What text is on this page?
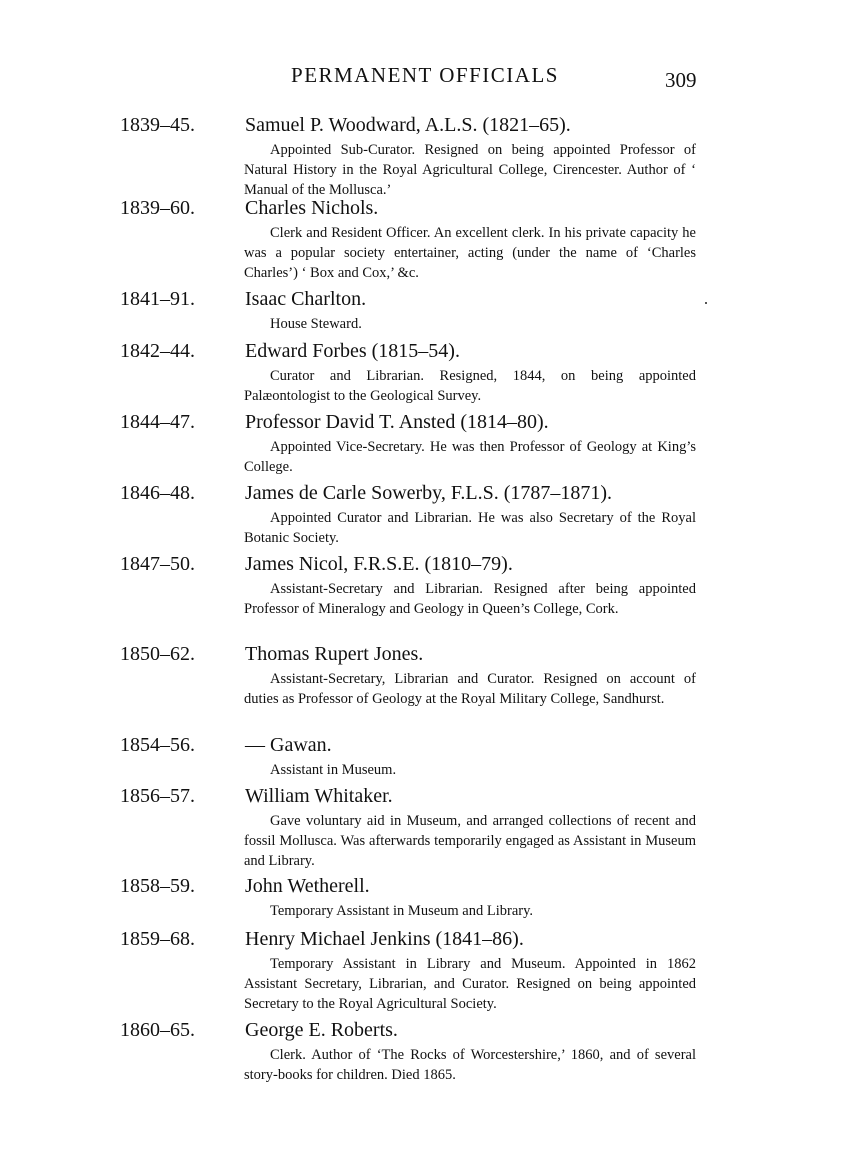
PERMANENT OFFICIALS	309
1839–45.	Samuel P. Woodward, A.L.S. (1821–65).
Appointed Sub-Curator. Resigned on being appointed Professor of Natural History in the Royal Agricultural College, Cirencester. Author of ‘ Manual of the Mollusca.’
1839–60.	Charles Nichols.
Clerk and Resident Officer. An excellent clerk. In his private capacity he was a popular society entertainer, acting (under the name of ‘Charles Charles’) ‘ Box and Cox,’ &c.
1841–91.	Isaac Charlton.
House Steward.
1842–44.	Edward Forbes (1815–54).
Curator and Librarian. Resigned, 1844, on being appointed Palæontologist to the Geological Survey.
1844–47.	Professor David T. Ansted (1814–80).
Appointed Vice-Secretary. He was then Professor of Geology at King’s College.
1846–48.	James de Carle Sowerby, F.L.S. (1787–1871).
Appointed Curator and Librarian. He was also Secretary of the Royal Botanic Society.
1847–50.	James Nicol, F.R.S.E. (1810–79).
Assistant-Secretary and Librarian. Resigned after being appointed Professor of Mineralogy and Geology in Queen’s College, Cork.
1850–62.	Thomas Rupert Jones.
Assistant-Secretary, Librarian and Curator. Resigned on account of duties as Professor of Geology at the Royal Military College, Sandhurst.
1854–56.	— Gawan.
Assistant in Museum.
1856–57.	William Whitaker.
Gave voluntary aid in Museum, and arranged collections of recent and fossil Mollusca. Was afterwards temporarily engaged as Assistant in Museum and Library.
1858–59.	John Wetherell.
Temporary Assistant in Museum and Library.
1859–68.	Henry Michael Jenkins (1841–86).
Temporary Assistant in Library and Museum. Appointed in 1862 Assistant Secretary, Librarian, and Curator. Resigned on being appointed Secretary to the Royal Agricultural Society.
1860–65.	George E. Roberts.
Clerk. Author of ‘The Rocks of Worcestershire,’ 1860, and of several story-books for children. Died 1865.
